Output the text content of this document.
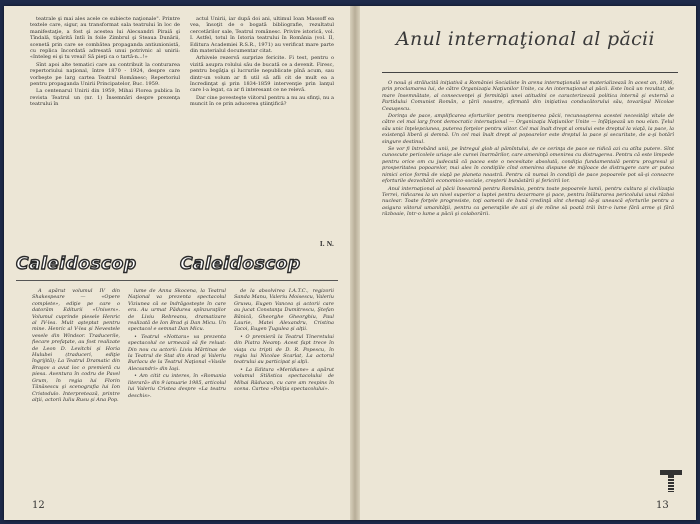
teatrale şi mai ales acele ce subiecte naţionale". Printre textele care, sigur, au transformat sala teatrului în loc de manifestaţie, a fost şi acestea lui Alecsandri Piraiă şi Tîndală, tipărită întîi în foile Zimbrul şi Steaua Dunării, scenetă prin care se combătea propaganda antiunionistă, cu replica încordată adresată unui potrivnic al unirii: «Inteleg ei şi tu vreai! Să pieţi ca o tartă-n...!»

Sînt apoi alte tematici care au contribuit la conturarea repertoriului naţional, între 1870 - 1924, despre care vorbeşte pe larg cartea Teatrul Românesc; Repertoriul pentru propaganda Unirii Principatelor, Buc. 1959.

La centenarul Unirii din 1959, Mihai Florea publica în revista Teatrul un (nr. 1) Însemnări despre prezenţa teatrului în

actul Unirii, iar după doi ani, ultimul Ioan Massoff ea vea, însoţit de o bogată bibliografie, rezultatul cercetărilor sale, Teatrul românesc. Privire istorică, vol. I. Astfel, totul în Istoria teatrului în România (vol. II, Editura Academiei R.S.R., 1971) au verificat mare parte din materialul documentar citat.

Arhivele rezervă surprize fericite. Fi test, pentru o vizită asupra rolului său de bucată ce a devenit. Firesc, pentru bogăţia şi lucrurile nepublicate pînă acum, sau dintr-un volum ar fi util să afli cit de mult ea a încredinţat şi prin 1834-1859 intervenţie prin lanţul care l-a legat, ca ar fi interesant ce ne relevă.

Dar cine povesteşte viitorul pentru a nu au sfinţi, nu a muncit în ce prin aducerea ştiinţifică?

I. N.
Caleidoscop	Caleidoscop

A apărut volumul IV din Shakespeare — «Opere complete», ediţie pe care o datorăm Editurii «Univers». Volumul cuprinde piesele Henric al IV-lea. Mult aşteptat pentru mine. Henric al V-lea şi Nevestele vesele din Windsor. Traducerile, fiecare prefaţate, au fost realizate de Leon D. Levitchi şi Horia Hulubei (traduceri, ediţie îngrijită); La Teatrul Dramatic din Braşov a avut loc o premieră cu piesa. Aventura în codru de Pavel Grum, în regia lui Florin Tănăsescu şi scenografia lui Ion Cristodulo. Interpretează, printre alţii, actorii Iuliu Rusu şi Ana Pop.

lume de Anna Skocena, la Teatrul Naţional va prezenta spectacolul Viziunea că se îndrăgosteşte în care era. Au urmat Pădurea spînzuraţilor de Liviu Rebreanu, dramatizare realizată de Ion Brad şi Dan Micu. Un spectacol e semnat Dan Micu.

• Teatrul «Nottara» va prezenta spectacolul ce urmează să fie reluat: Din nou cu actorii: Liviu Mărtinas de la Teatrul de Stat din Arad şi Valeriu Burlacu de la Teatrul Naţional «Vasile Alecsandri» din Iaşi.

• Am citit cu interes, în «Romania literară» din 9 ianuarie 1985, articolul lui Valeriu Cristea despre «La teatru deschis».

de la absolvirea I.A.T.C., regizorii Sanda Manu, Valeriu Moisescu, Valeriu Gruwu, Eugen Vancea şi actorii care au jucat Constanţa Dumitrescu, Ştefan Bănică, Gheorghe Gheorghiu, Paul Laurie, Matei Alexandru, Cristina Tacoi, Eugen Ţugulea şi alţii.

• O premieră la Teatrul Tineretului din Piatra Neamţ: Acest fapt trece în viaţa cu tripti de D. R. Popescu, în regia lui Nicolae Scarlat, La actorul teatrului au participat şi alţii.

• La Editura «Meridiane» a apărut volumul Stilistica spectacolului de Mihai Răducan, cu care am respins în scena. Cartea «Poliţia spectacolului».

12
Anul internaţional al păcii

O nouă şi strălucită iniţiativă a României Socialiste în arena internaţională se materializează în acest an, 1986, prin proclamarea lui, de către Organizaţia Naţiunilor Unite, ca An internaţional al păcii. Este încă un rezultat, de mare însemnătate, al consecvenţei şi fermităţii unei atitudini ce caracterizează politica internă şi externă a Partidului Comunist Român, a ţării noastre, afirmată din iniţiativa conducătorului său, tovarăşul Nicolae Ceauşescu.

Dorinţa de pace, amplificarea eforturilor pentru menţinerea păcii, recunoaşterea acestei necesităţi vitale de către cel mai larg front democratic internaţional — Organizaţia Naţiunilor Unite — înfăţişează un nou elan. Ţelul său unic înţelepciunea, puterea forţelor pentru viitor. Cel mai înalt drept al omului este dreptul la viaţă, la pace, la existenţă liberă şi demnă. Un cel mai înalt drept al popoarelor este dreptul la pace şi securitate, de a-şi hotărî singure destinul.

Se vor fi întrebând unii, pe întregul glob al pămîntului, de ce cerinţa de pace se ridică azi cu atîta putere. Sînt cunoscute pericolele uriaşe ale cursei înarmărilor, care ameninţă omenirea cu distrugerea. Pentru că este limpede pentru orice om cu judecată că pacea este o necesitate absolută, condiţia fundamentală pentru progresul şi prosperitatea popoarelor, mai ales în condiţiile cînd omenirea dispune de mijloace de distrugere care ar putea nimici orice formă de viaţă pe planeta noastră. Pentru că numai în condiţii de pace popoarele pot să-şi consacre eforturile dezvoltării economico-sociale, creşterii bunăstării şi fericirii lor.

Anul internaţional al păcii înseamnă pentru România, pentru toate popoarele lumii, pentru cultura şi civilizaţia Terrei, ridicarea la un nivel superior a luptei pentru dezarmare şi pace, pentru înlăturarea pericolului unui război nuclear. Toate forţele progresiste, toţi oamenii de bună credinţă sînt chemaţi să-şi unească eforturile pentru a asigura viitorul umanităţii, pentru ca generaţiile de azi şi de mîine să poată trăi într-o lume fără arme şi fără războaie, într-o lume a păcii şi colaborării.

13
